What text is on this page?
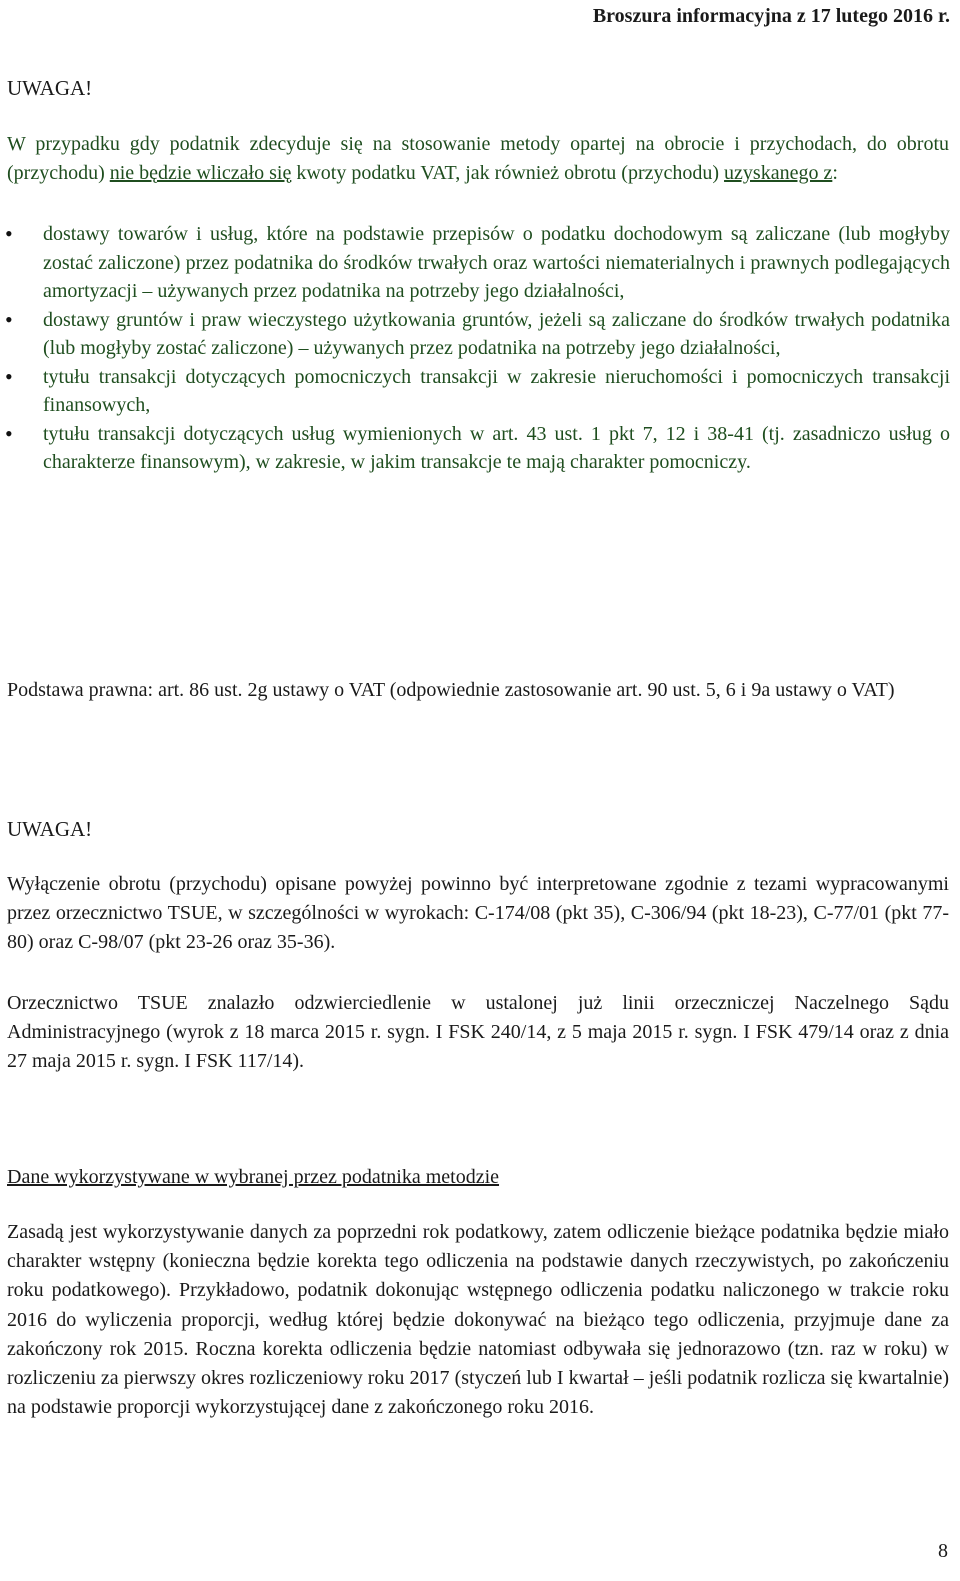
Broszura informacyjna z 17 lutego 2016 r.
UWAGA!
W przypadku gdy podatnik zdecyduje się na stosowanie metody opartej na obrocie i przychodach, do obrotu (przychodu) nie będzie wliczało się kwoty podatku VAT, jak również obrotu (przychodu) uzyskanego z:
• dostawy towarów i usług, które na podstawie przepisów o podatku dochodowym są zaliczane (lub mogłyby zostać zaliczone) przez podatnika do środków trwałych oraz wartości niematerialnych i prawnych podlegających amortyzacji – używanych przez podatnika na potrzeby jego działalności,
• dostawy gruntów i praw wieczystego użytkowania gruntów, jeżeli są zaliczane do środków trwałych podatnika (lub mogłyby zostać zaliczone) – używanych przez podatnika na potrzeby jego działalności,
• tytułu transakcji dotyczących pomocniczych transakcji w zakresie nieruchomości i pomocniczych transakcji finansowych,
• tytułu transakcji dotyczących usług wymienionych w art. 43 ust. 1 pkt 7, 12 i 38-41 (tj. zasadniczo usług o charakterze finansowym), w zakresie, w jakim transakcje te mają charakter pomocniczy.
Podstawa prawna: art. 86 ust. 2g ustawy o VAT (odpowiednie zastosowanie art. 90 ust. 5, 6 i 9a ustawy o VAT)
UWAGA!
Wyłączenie obrotu (przychodu) opisane powyżej powinno być interpretowane zgodnie z tezami wypracowanymi przez orzecznictwo TSUE, w szczególności w wyrokach: C-174/08 (pkt 35), C-306/94 (pkt 18-23), C-77/01 (pkt 77-80) oraz C-98/07 (pkt 23-26 oraz 35-36).
Orzecznictwo TSUE znalazło odzwierciedlenie w ustalonej już linii orzeczniczej Naczelnego Sądu Administracyjnego (wyrok z 18 marca 2015 r. sygn. I FSK 240/14, z 5 maja 2015 r. sygn. I FSK 479/14 oraz z dnia 27 maja 2015 r. sygn. I FSK 117/14).
Dane wykorzystywane w wybranej przez podatnika metodzie
Zasadą jest wykorzystywanie danych za poprzedni rok podatkowy, zatem odliczenie bieżące podatnika będzie miało charakter wstępny (konieczna będzie korekta tego odliczenia na podstawie danych rzeczywistych, po zakończeniu roku podatkowego). Przykładowo, podatnik dokonując wstępnego odliczenia podatku naliczonego w trakcie roku 2016 do wyliczenia proporcji, według której będzie dokonywać na bieżąco tego odliczenia, przyjmuje dane za zakończony rok 2015. Roczna korekta odliczenia będzie natomiast odbywała się jednorazowo (tzn. raz w roku) w rozliczeniu za pierwszy okres rozliczeniowy roku 2017 (styczeń lub I kwartał – jeśli podatnik rozlicza się kwartalnie) na podstawie proporcji wykorzystującej dane z zakończonego roku 2016.
8
